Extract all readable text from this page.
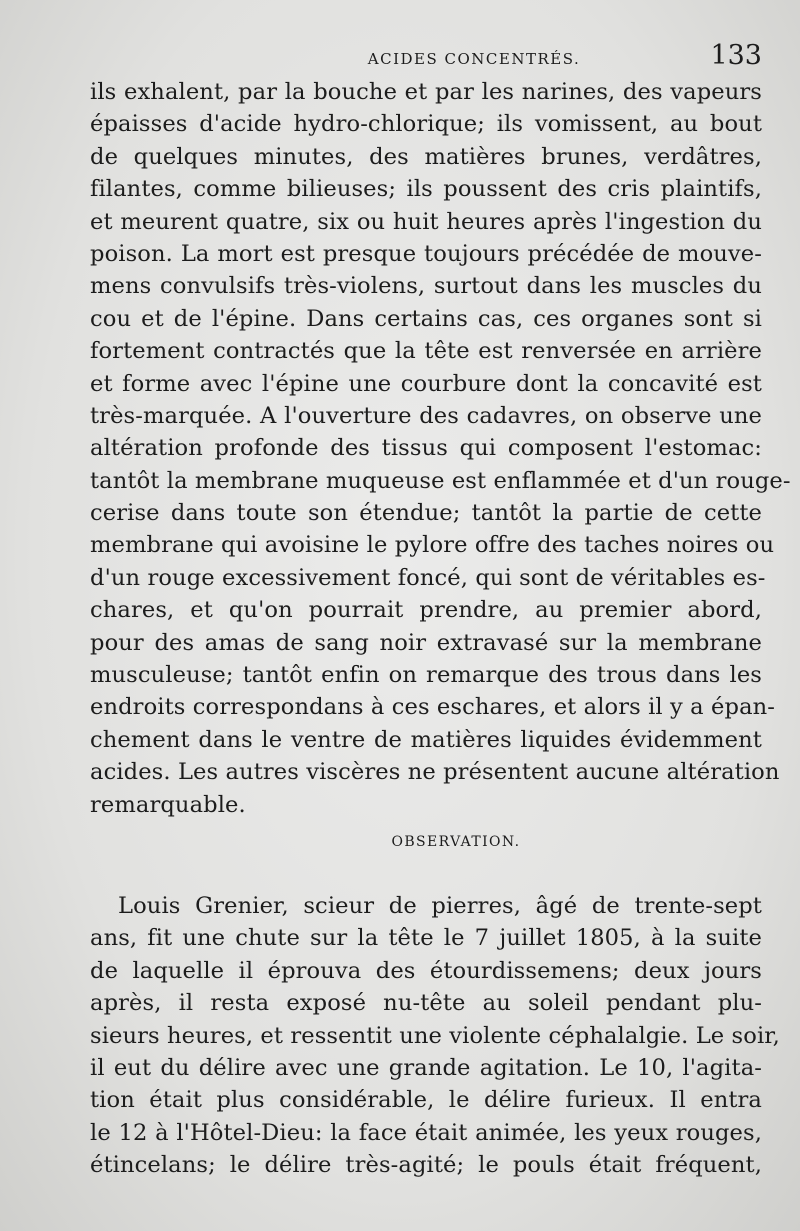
ACIDES CONCENTRÉS.	133
ils exhalent, par la bouche et par les narines, des vapeurs
épaisses d'acide hydro-chlorique; ils vomissent, au bout
de quelques minutes, des matières brunes, verdâtres,
filantes, comme bilieuses; ils poussent des cris plaintifs,
et meurent quatre, six ou huit heures après l'ingestion du
poison. La mort est presque toujours précédée de mouve-
mens convulsifs très-violens, surtout dans les muscles du
cou et de l'épine. Dans certains cas, ces organes sont si
fortement contractés que la tête est renversée en arrière
et forme avec l'épine une courbure dont la concavité est
très-marquée. A l'ouverture des cadavres, on observe une
altération profonde des tissus qui composent l'estomac:
tantôt la membrane muqueuse est enflammée et d'un rouge-
cerise dans toute son étendue; tantôt la partie de cette
membrane qui avoisine le pylore offre des taches noires ou
d'un rouge excessivement foncé, qui sont de véritables es-
chares, et qu'on pourrait prendre, au premier abord,
pour des amas de sang noir extravasé sur la membrane
musculeuse; tantôt enfin on remarque des trous dans les
endroits correspondans à ces eschares, et alors il y a épan-
chement dans le ventre de matières liquides évidemment
acides. Les autres viscères ne présentent aucune altération
remarquable.
OBSERVATION.
Louis Grenier, scieur de pierres, âgé de trente-sept
ans, fit une chute sur la tête le 7 juillet 1805, à la suite
de laquelle il éprouva des étourdissemens; deux jours
après, il resta exposé nu-tête au soleil pendant plu-
sieurs heures, et ressentit une violente céphalalgie. Le soir,
il eut du délire avec une grande agitation. Le 10, l'agita-
tion était plus considérable, le délire furieux. Il entra
le 12 à l'Hôtel-Dieu: la face était animée, les yeux rouges,
étincelans; le délire très-agité; le pouls était fréquent,
